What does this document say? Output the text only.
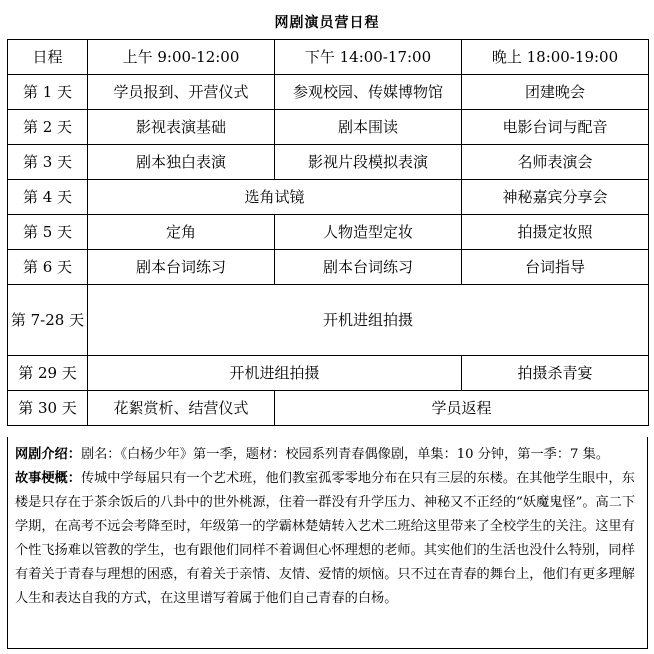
网剧演员营日程
日程	上午 9:00-12:00	下午 14:00-17:00	晚上 18:00-19:00
第 1 天	学员报到、开营仪式	参观校园、传媒博物馆	团建晚会
第 2 天	影视表演基础	剧本围读	电影台词与配音
第 3 天	剧本独白表演	影视片段模拟表演	名师表演会
第 4 天	选角试镜		神秘嘉宾分享会
第 5 天	定角	人物造型定妆	拍摄定妆照
第 6 天	剧本台词练习	剧本台词练习	台词指导
第 7-28 天	开机进组拍摄		
第 29 天	开机进组拍摄		拍摄杀青宴
第 30 天	花絮赏析、结营仪式	学员返程	

网剧介绍：剧名：《白杨少年》第一季，题材：校园系列青春偶像剧，单集：10 分钟，第一季：7 集。

故事梗概：传城中学每届只有一个艺术班，他们教室孤零零地分布在只有三层的东楼。在其他学生眼中，东楼是只存在于茶余饭后的八卦中的世外桃源，住着一群没有升学压力、神秘又不正经的“妖魔鬼怪”。高二下学期，在高考不远会考降至时，年级第一的学霸林楚婧转入艺术二班给这里带来了全校学生的关注。这里有个性飞扬难以管教的学生，也有跟他们同样不着调但心怀理想的老师。其实他们的生活也没什么特别，同样有着关于青春与理想的困惑，有着关于亲情、友情、爱情的烦恼。只不过在青春的舞台上，他们有更多理解人生和表达自我的方式，在这里谱写着属于他们自己青春的白杨。
